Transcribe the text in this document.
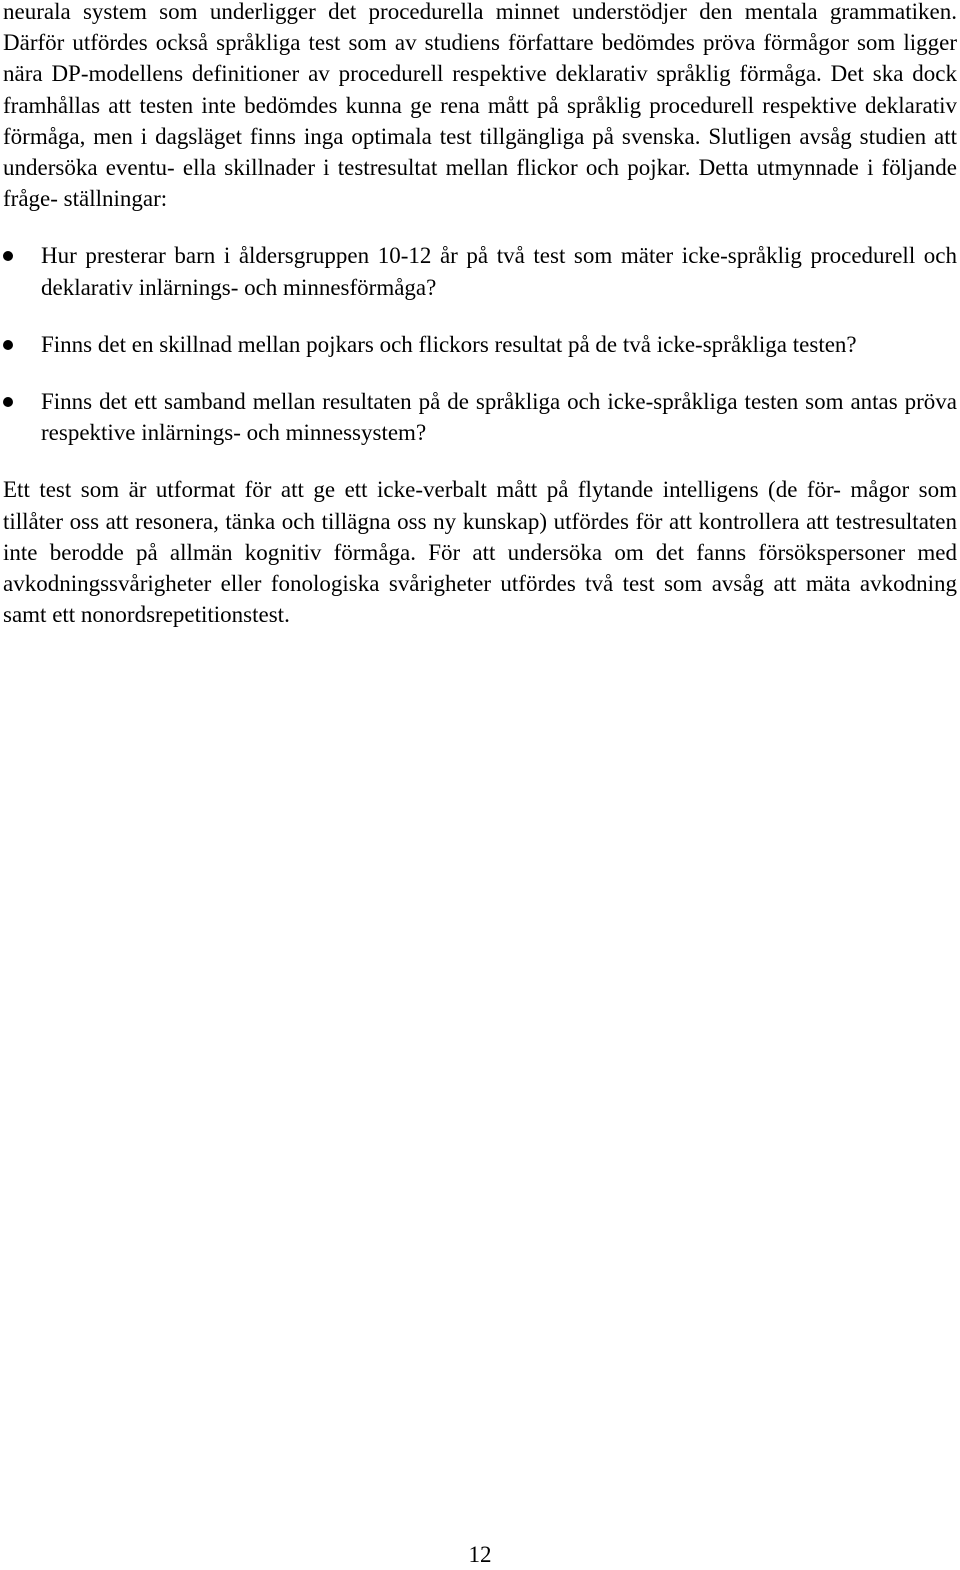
neurala system som underligger det procedurella minnet understödjer den mentala grammatiken. Därför utfördes också språkliga test som av studiens författare bedömdes pröva förmågor som ligger nära DP-modellens definitioner av procedurell respektive deklarativ språklig förmåga. Det ska dock framhållas att testen inte bedömdes kunna ge rena mått på språklig procedurell respektive deklarativ förmåga, men i dagsläget finns inga optimala test tillgängliga på svenska. Slutligen avsåg studien att undersöka eventu- ella skillnader i testresultat mellan flickor och pojkar. Detta utmynnade i följande fråge- ställningar:

Hur presterar barn i åldersgruppen 10-12 år på två test som mäter icke-språklig procedurell och deklarativ inlärnings- och minnesförmåga?
Finns det en skillnad mellan pojkars och flickors resultat på de två icke-språkliga testen?
Finns det ett samband mellan resultaten på de språkliga och icke-språkliga testen som antas pröva respektive inlärnings- och minnessystem?

Ett test som är utformat för att ge ett icke-verbalt mått på flytande intelligens (de för- mågor som tillåter oss att resonera, tänka och tillägna oss ny kunskap) utfördes för att kontrollera att testresultaten inte berodde på allmän kognitiv förmåga. För att undersöka om det fanns försökspersoner med avkodningssvårigheter eller fonologiska svårigheter utfördes två test som avsåg att mäta avkodning samt ett nonordsrepetitionstest.

12
